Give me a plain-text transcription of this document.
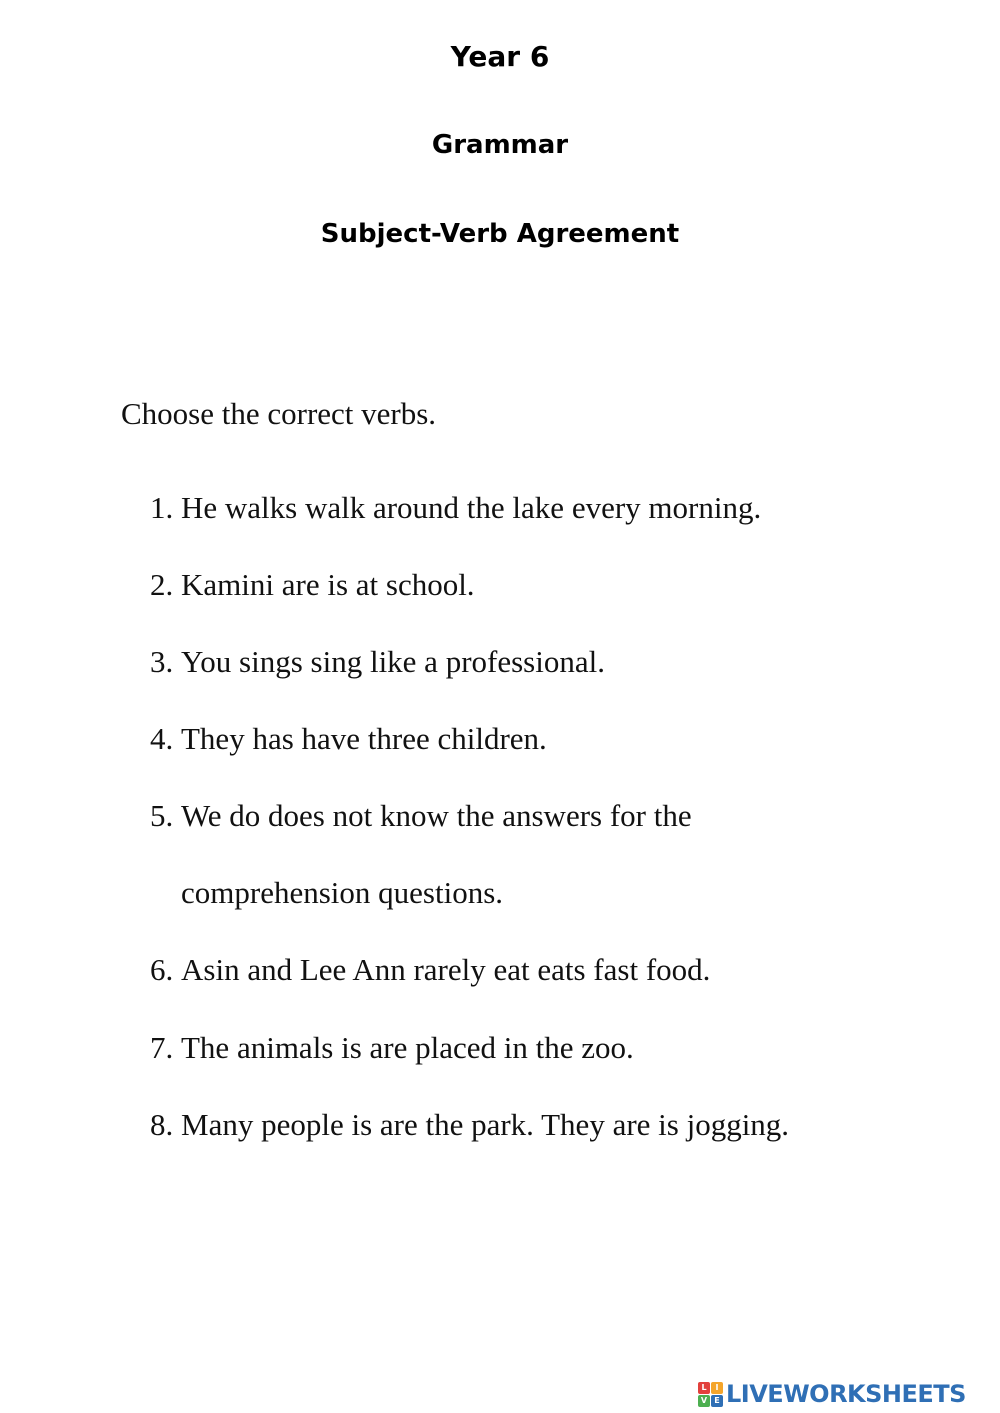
Year 6
Grammar
Subject-Verb Agreement

Choose the correct verbs.

1. He walks walk around the lake every morning.
2. Kamini are is at school.
3. You sings sing like a professional.
4. They has have three children.
5. We do does not know the answers for the
comprehension questions.
6. Asin and Lee Ann rarely eat eats fast food.
7. The animals is are placed in the zoo.
8. Many people is are the park. They are is jogging.
L	I
V E LIVEWORKSHEETS
